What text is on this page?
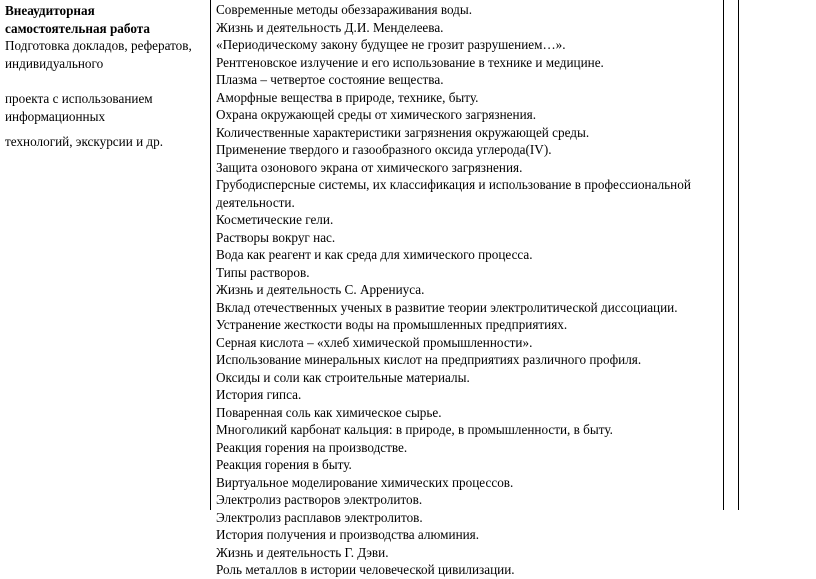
Внеаудиторная
самостоятельная работа
Подготовка докладов, рефератов,
индивидуального
проекта с использованием
информационных
технологий, экскурсии и др.
Современные методы обеззараживания воды.
Жизнь и деятельность Д.И. Менделеева.
«Периодическому закону будущее не грозит разрушением…».
Рентгеновское излучение и его использование в технике и медицине.
Плазма – четвертое состояние вещества.
Аморфные вещества в природе, технике, быту.
Охрана окружающей среды от химического загрязнения.
Количественные характеристики загрязнения окружающей среды.
Применение твердого и газообразного оксида углерода(IV).
Защита озонового экрана от химического загрязнения.
Грубодисперсные системы, их классификация и использование в профессиональной
деятельности.
Косметические гели.
Растворы вокруг нас.
Вода как реагент и как среда для химического процесса.
Типы растворов.
Жизнь и деятельность С. Аррениуса.
Вклад отечественных ученых в развитие теории электролитической диссоциации.
Устранение жесткости воды на промышленных предприятиях.
Серная кислота – «хлеб химической промышленности».
Использование минеральных кислот на предприятиях различного профиля.
Оксиды и соли как строительные материалы.
История гипса.
Поваренная соль как химическое сырье.
Многоликий карбонат кальция: в природе, в промышленности, в быту.
Реакция горения на производстве.
Реакция горения в быту.
Виртуальное моделирование химических процессов.
Электролиз растворов электролитов.
Электролиз расплавов электролитов.
История получения и производства алюминия.
Жизнь и деятельность Г. Дэви.
Роль металлов в истории человеческой цивилизации.
